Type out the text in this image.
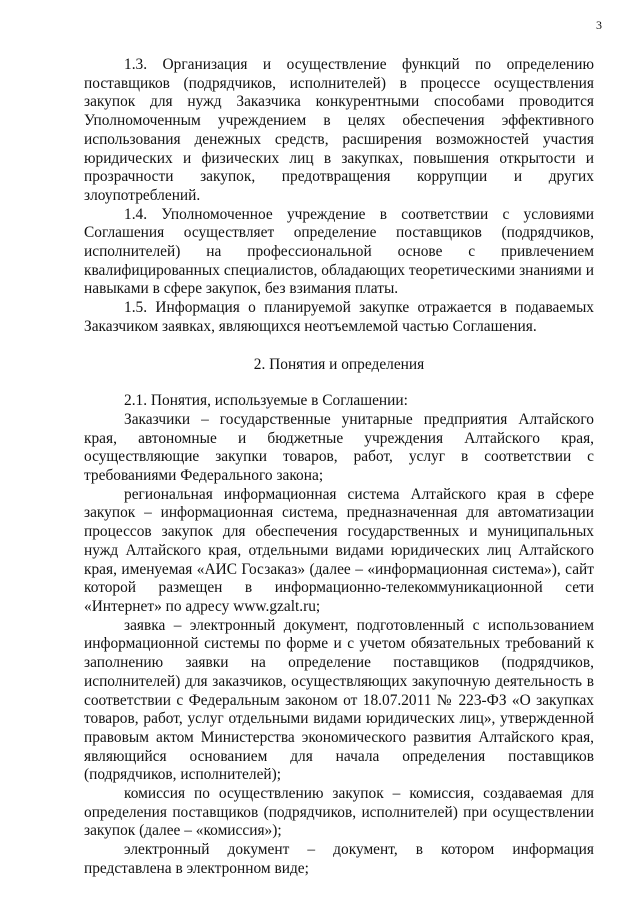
3

1.3. Организация и осуществление функций по определению поставщиков (подрядчиков, исполнителей) в процессе осуществления закупок для нужд Заказчика конкурентными способами проводится Уполномоченным учреждением в целях обеспечения эффективного использования денежных средств, расширения возможностей участия юридических и физических лиц в закупках, повышения открытости и прозрачности закупок, предотвращения коррупции и других злоупотреблений.

1.4. Уполномоченное учреждение в соответствии с условиями Соглашения осуществляет определение поставщиков (подрядчиков, исполнителей) на профессиональной основе с привлечением квалифицированных специалистов, обладающих теоретическими знаниями и навыками в сфере закупок, без взимания платы.

1.5. Информация о планируемой закупке отражается в подаваемых Заказчиком заявках, являющихся неотъемлемой частью Соглашения.

2. Понятия и определения

2.1. Понятия, используемые в Соглашении:

Заказчики – государственные унитарные предприятия Алтайского края, автономные и бюджетные учреждения Алтайского края, осуществляющие закупки товаров, работ, услуг в соответствии с требованиями Федерального закона;

региональная информационная система Алтайского края в сфере закупок – информационная система, предназначенная для автоматизации процессов закупок для обеспечения государственных и муниципальных нужд Алтайского края, отдельными видами юридических лиц Алтайского края, именуемая «АИС Госзаказ» (далее – «информационная система»), сайт которой размещен в информационно-телекоммуникационной сети «Интернет» по адресу www.gzalt.ru;

заявка – электронный документ, подготовленный с использованием информационной системы по форме и с учетом обязательных требований к заполнению заявки на определение поставщиков (подрядчиков, исполнителей) для заказчиков, осуществляющих закупочную деятельность в соответствии с Федеральным законом от 18.07.2011 № 223-ФЗ «О закупках товаров, работ, услуг отдельными видами юридических лиц», утвержденной правовым актом Министерства экономического развития Алтайского края, являющийся основанием для начала определения поставщиков (подрядчиков, исполнителей);

комиссия по осуществлению закупок – комиссия, создаваемая для определения поставщиков (подрядчиков, исполнителей) при осуществлении закупок (далее – «комиссия»);

электронный документ – документ, в котором информация представлена в электронном виде;
